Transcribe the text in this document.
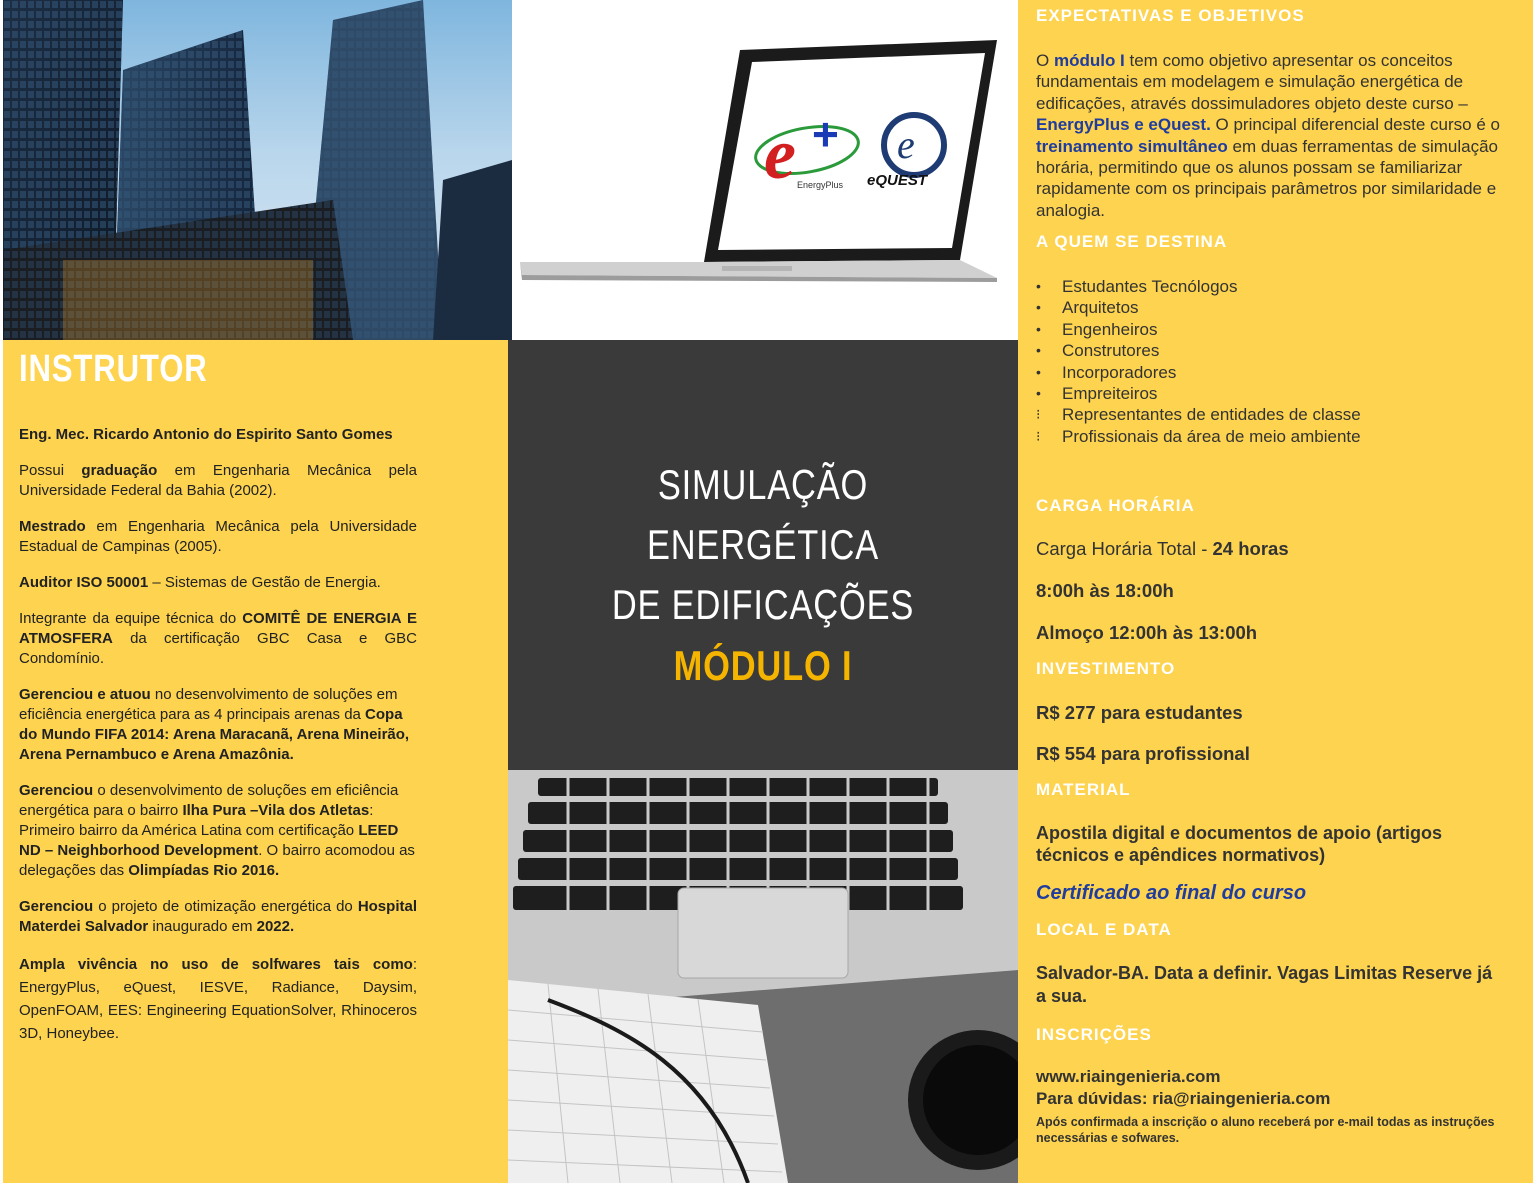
e +
EnergyPlus
e
eQUEST
INSTRUTOR

Eng. Mec. Ricardo Antonio do Espirito Santo Gomes

Possui graduação em Engenharia Mecânica pela Universidade Federal da Bahia (2002).

Mestrado em Engenharia Mecânica pela Universidade Estadual de Campinas (2005).

Auditor ISO 50001 – Sistemas de Gestão de Energia.

Integrante da equipe técnica do COMITÊ DE ENERGIA E ATMOSFERA da certificação GBC Casa e GBC Condomínio.

Gerenciou e atuou no desenvolvimento de soluções em eficiência energética para as 4 principais arenas da Copa do Mundo FIFA 2014: Arena Maracanã, Arena Mineirão, Arena Pernambuco e Arena Amazônia.

Gerenciou o desenvolvimento de soluções em eficiência energética para o bairro Ilha Pura –Vila dos Atletas: Primeiro bairro da América Latina com certificação LEED ND – Neighborhood Development. O bairro acomodou as delegações das Olimpíadas Rio 2016.

Gerenciou o projeto de otimização energética do Hospital Materdei Salvador inaugurado em 2022.

Ampla vivência no uso de solfwares tais como: EnergyPlus, eQuest, IESVE, Radiance, Daysim, OpenFOAM, EES: Engineering EquationSolver, Rhinoceros 3D, Honeybee.

SIMULAÇÃO ENERGÉTICA
DE EDIFICAÇÕES
MÓDULO I
EXPECTATIVAS E OBJETIVOS
O módulo I tem como objetivo apresentar os conceitos fundamentais em modelagem e simulação energética de edificações, através dossimuladores objeto deste curso – EnergyPlus e eQuest. O principal diferencial deste curso é o treinamento simultâneo em duas ferramentas de simulação horária, permitindo que os alunos possam se familiarizar rapidamente com os principais parâmetros por similaridade e analogia.
A QUEM SE DESTINA
• Estudantes Tecnólogos
• Arquitetos
• Engenheiros
• Construtores
• Incorporadores
• Empreiteiros
⁝ Representantes de entidades de classe
⁝ Profissionais da área de meio ambiente
CARGA HORÁRIA
Carga Horária Total - 24 horas
8:00h às 18:00h
Almoço 12:00h às 13:00h
INVESTIMENTO
R$ 277 para estudantes
R$ 554 para profissional
MATERIAL
Apostila digital e documentos de apoio (artigos técnicos e apêndices normativos)
Certificado ao final do curso
LOCAL E DATA
Salvador-BA. Data a definir. Vagas Limitas Reserve já a sua.
INSCRIÇÕES
www.riaingenieria.com
Para dúvidas: ria@riaingenieria.com
Após confirmada a inscrição o aluno receberá por e-mail todas as instruções necessárias e sofwares.
